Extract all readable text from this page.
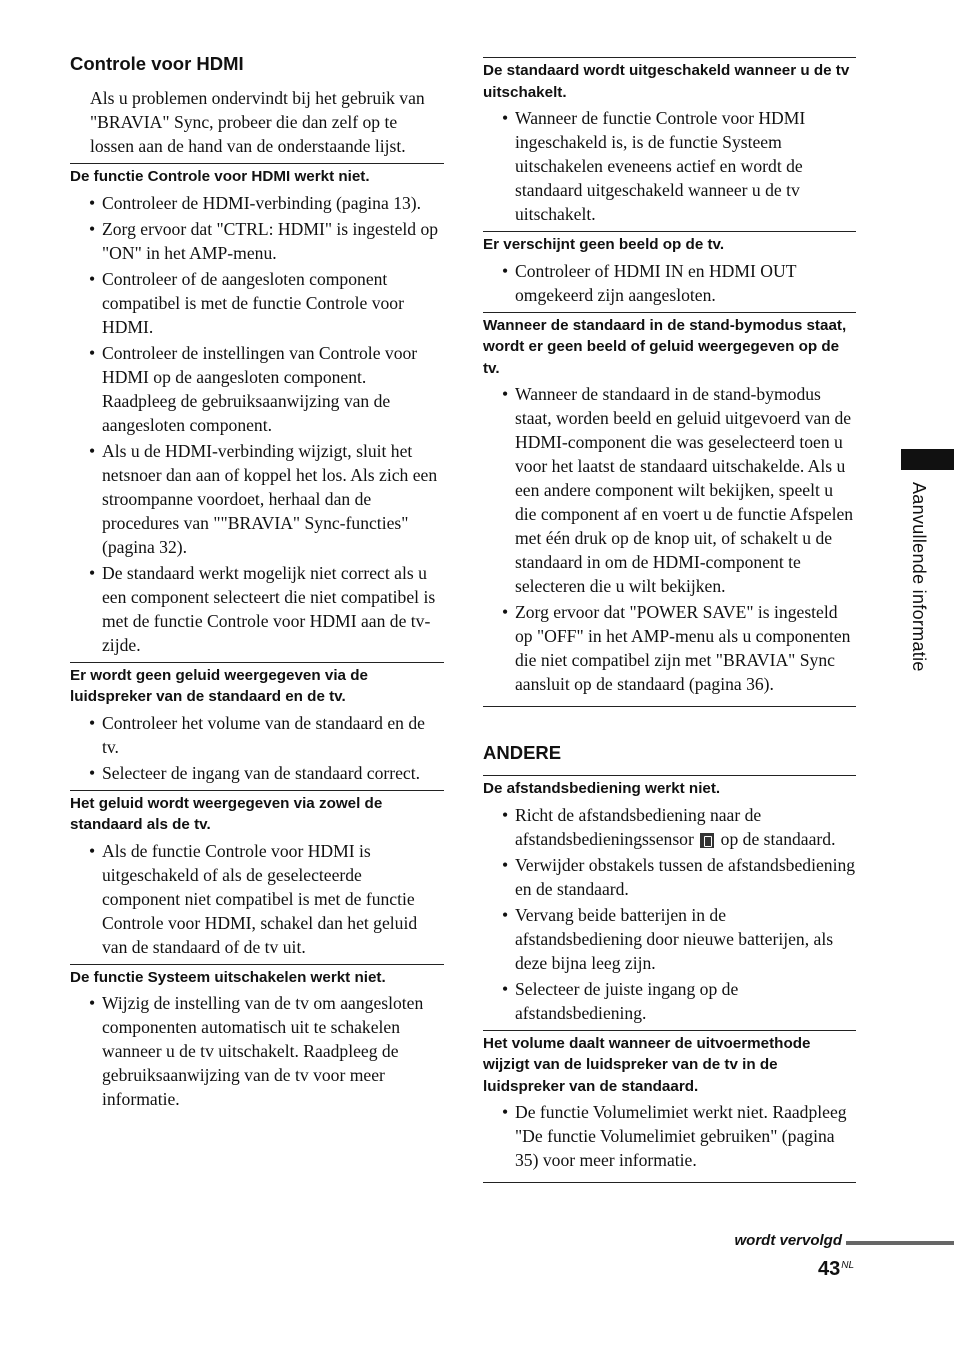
Controle voor HDMI

Als u problemen ondervindt bij het gebruik van "BRAVIA" Sync, probeer die dan zelf op te lossen aan de hand van de onderstaande lijst.

De functie Controle voor HDMI werkt niet.
• Controleer de HDMI-verbinding (pagina 13).
• Zorg ervoor dat "CTRL: HDMI" is ingesteld op "ON" in het AMP-menu.
• Controleer of de aangesloten component compatibel is met de functie Controle voor HDMI.
• Controleer de instellingen van Controle voor HDMI op de aangesloten component. Raadpleeg de gebruiksaanwijzing van de aangesloten component.
• Als u de HDMI-verbinding wijzigt, sluit het netsnoer dan aan of koppel het los. Als zich een stroompanne voordoet, herhaal dan de procedures van ""BRAVIA" Sync-functies" (pagina 32).
• De standaard werkt mogelijk niet correct als u een component selecteert die niet compatibel is met de functie Controle voor HDMI aan de tv-zijde.
Er wordt geen geluid weergegeven via de luidspreker van de standaard en de tv.
• Controleer het volume van de standaard en de tv.
• Selecteer de ingang van de standaard correct.
Het geluid wordt weergegeven via zowel de standaard als de tv.
• Als de functie Controle voor HDMI is uitgeschakeld of als de geselecteerde component niet compatibel is met de functie Controle voor HDMI, schakel dan het geluid van de standaard of de tv uit.
De functie Systeem uitschakelen werkt niet.
• Wijzig de instelling van de tv om aangesloten componenten automatisch uit te schakelen wanneer u de tv uitschakelt. Raadpleeg de gebruiksaanwijzing van de tv voor meer informatie.
De standaard wordt uitgeschakeld wanneer u de tv uitschakelt.
• Wanneer de functie Controle voor HDMI ingeschakeld is, is de functie Systeem uitschakelen eveneens actief en wordt de standaard uitgeschakeld wanneer u de tv uitschakelt.
Er verschijnt geen beeld op de tv.
• Controleer of HDMI IN en HDMI OUT omgekeerd zijn aangesloten.
Wanneer de standaard in de stand-bymodus staat, wordt er geen beeld of geluid weergegeven op de tv.
• Wanneer de standaard in de stand-bymodus staat, worden beeld en geluid uitgevoerd van de HDMI-component die was geselecteerd toen u voor het laatst de standaard uitschakelde. Als u een andere component wilt bekijken, speelt u die component af en voert u de functie Afspelen met één druk op de knop uit, of schakelt u de standaard in om de HDMI-component te selecteren die u wilt bekijken.
• Zorg ervoor dat "POWER SAVE" is ingesteld op "OFF" in het AMP-menu als u componenten die niet compatibel zijn met "BRAVIA" Sync aansluit op de standaard (pagina 36).
ANDERE
De afstandsbediening werkt niet.
• Richt de afstandsbediening naar de afstandsbedieningssensor op de standaard.
• Verwijder obstakels tussen de afstandsbediening en de standaard.
• Vervang beide batterijen in de afstandsbediening door nieuwe batterijen, als deze bijna leeg zijn.
• Selecteer de juiste ingang op de afstandsbediening.
Het volume daalt wanneer de uitvoermethode wijzigt van de luidspreker van de tv in de luidspreker van de standaard.
• De functie Volumelimiet werkt niet. Raadpleeg "De functie Volumelimiet gebruiken" (pagina 35) voor meer informatie.
Aanvullende informatie
wordt vervolgd
$43^{NL}$
